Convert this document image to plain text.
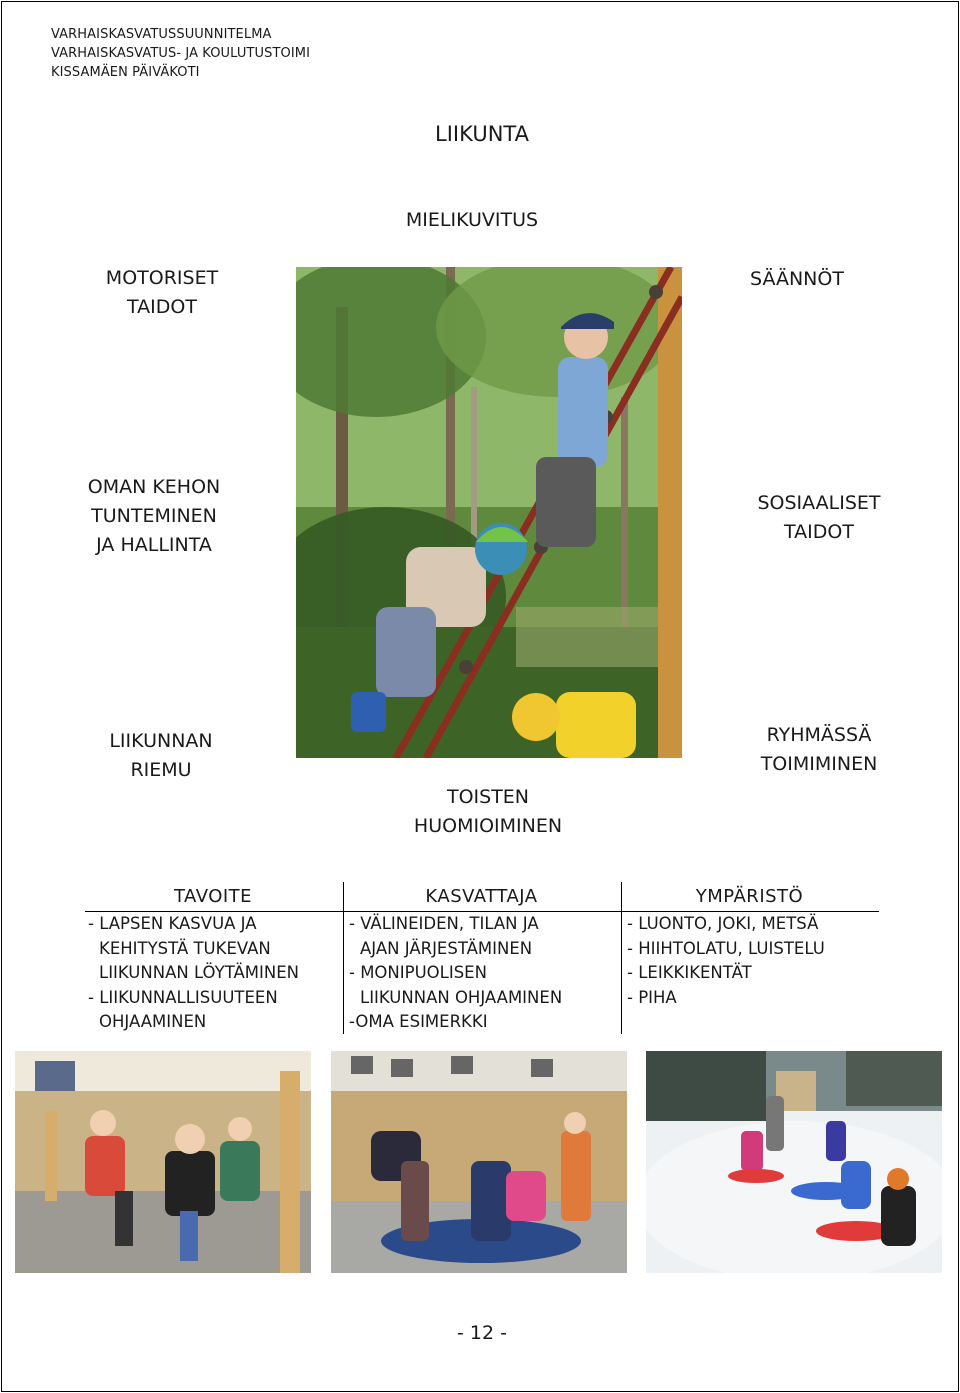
VARHAISKASVATUSSUUNNITELMA
VARHAISKASVATUS- JA KOULUTUSTOIMI
KISSAMÄEN PÄIVÄKOTI
LIIKUNTA
MIELIKUVITUS
MOTORISET
TAIDOT
SÄÄNNÖT
OMAN KEHON
TUNTEMINEN
JA HALLINTA
SOSIAALISET
TAIDOT
LIIKUNNAN
RIEMU
RYHMÄSSÄ
TOIMIMINEN
TOISTEN
HUOMIOIMINEN
TAVOITE
- LAPSEN KASVUA JA
KEHITYSTÄ TUKEVAN
LIIKUNNAN LÖYTÄMINEN
- LIIKUNNALLISUUTEEN
OHJAAMINEN
KASVATTAJA
- VÄLINEIDEN, TILAN JA
AJAN JÄRJESTÄMINEN
- MONIPUOLISEN
LIIKUNNAN OHJAAMINEN
-OMA ESIMERKKI
YMPÄRISTÖ
- LUONTO, JOKI, METSÄ
- HIIHTOLATU, LUISTELU
- LEIKKIKENTÄT
- PIHA
- 12 -
